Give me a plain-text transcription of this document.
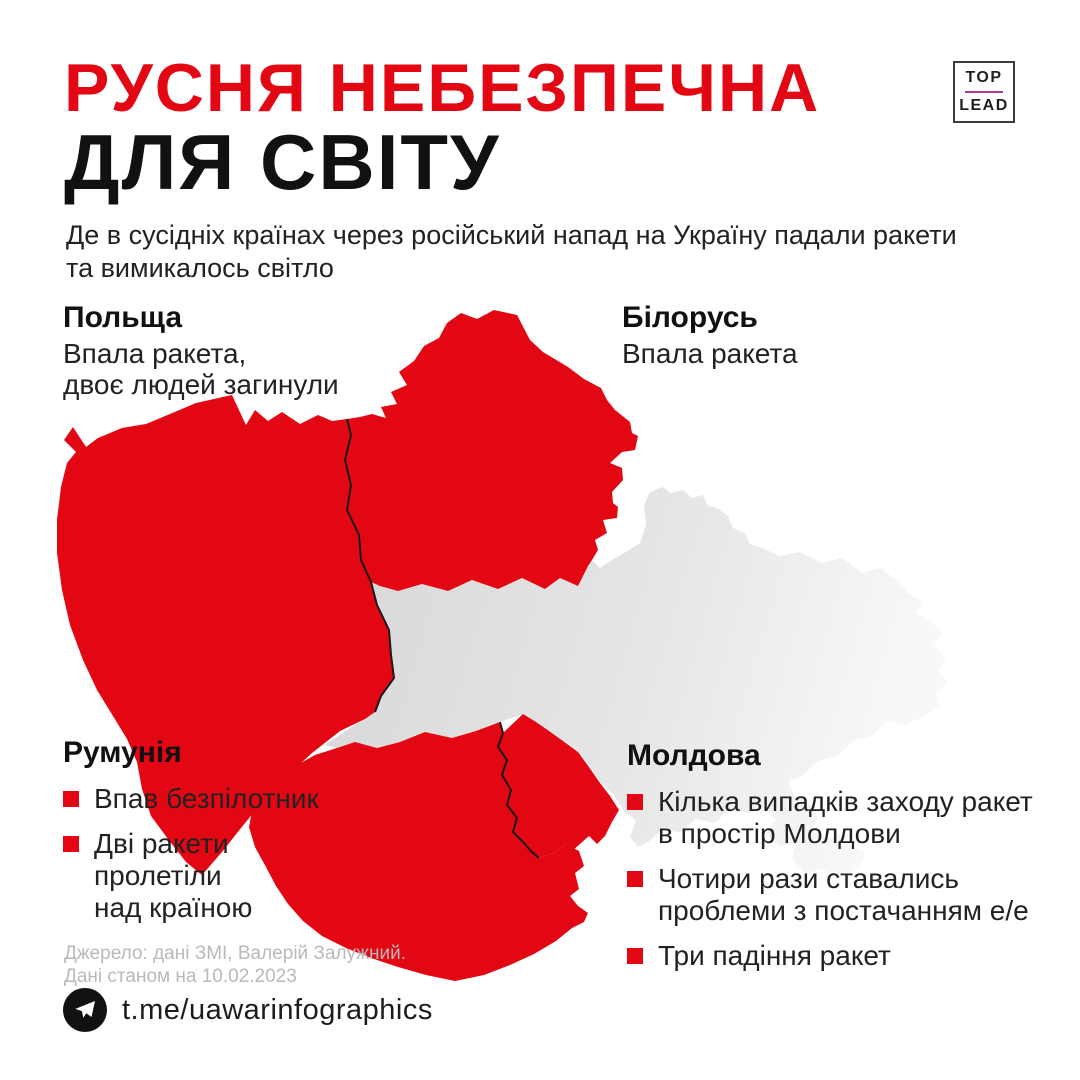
РУСНЯ НЕБЕЗПЕЧНА
ДЛЯ СВІТУ
Де в сусідніх країнах через російський напад на Україну падали ракети
та вимикалось світло
TOP
LEAD
Польща
Впала ракета,
двоє людей загинули
Білорусь
Впала ракета
Румунія
Впав безпілотник
Дві ракети
пролетіли
над країною
Молдова
Кілька випадків заходу ракет
в простір Молдови
Чотири рази ставались
проблеми з постачанням е/е
Три падіння ракет
Джерело: дані ЗМІ, Валерій Залужний.
Дані станом на 10.02.2023
t.me/uawarinfographics
